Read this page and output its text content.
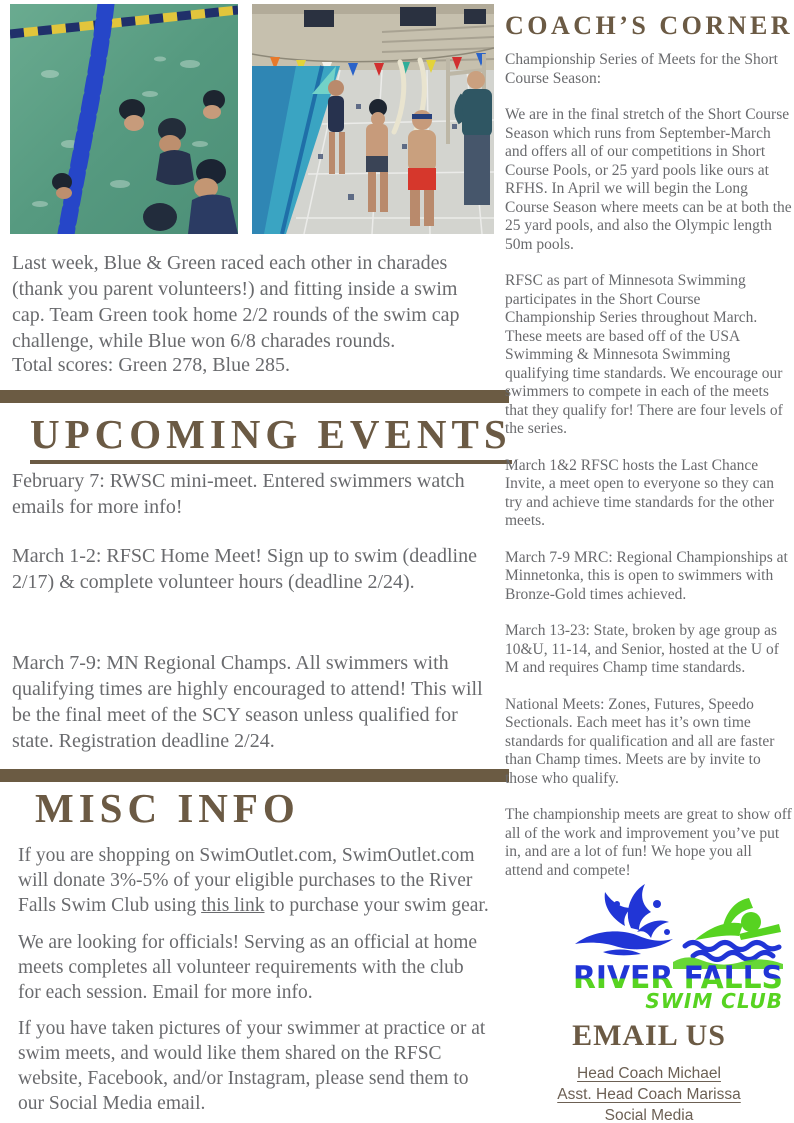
Last week, Blue & Green raced each other in charades (thank you parent volunteers!) and fitting inside a swim cap. Team Green took home 2/2 rounds of the swim cap challenge, while Blue won 6/8 charades rounds.

Total scores: Green 278, Blue 285.

UPCOMING EVENTS

February 7: RWSC mini-meet. Entered swimmers watch emails for more info!

March 1-2: RFSC Home Meet! Sign up to swim (deadline 2/17) & complete volunteer hours (deadline 2/24).

March 7-9: MN Regional Champs. All swimmers with qualifying times are highly encouraged to attend! This will be the final meet of the SCY season unless qualified for state. Registration deadline 2/24.

MISC INFO

If you are shopping on SwimOutlet.com, SwimOutlet.com will donate 3%-5% of your eligible purchases to the River Falls Swim Club using this link to purchase your swim gear.

We are looking for officials! Serving as an official at home meets completes all volunteer requirements with the club for each session. Email for more info.

If you have taken pictures of your swimmer at practice or at swim meets, and would like them shared on the RFSC website, Facebook, and/or Instagram, please send them to our Social Media email.

COACH’S CORNER

Championship Series of Meets for the Short Course Season:

We are in the final stretch of the Short Course Season which runs from September-March and offers all of our competitions in Short Course Pools, or 25 yard pools like ours at RFHS. In April we will begin the Long Course Season where meets can be at both the 25 yard pools, and also the Olympic length 50m pools.

RFSC as part of Minnesota Swimming participates in the Short Course Championship Series throughout March. These meets are based off of the USA Swimming & Minnesota Swimming qualifying time standards. We encourage our swimmers to compete in each of the meets that they qualify for! There are four levels of the series.

March 1&2 RFSC hosts the Last Chance Invite, a meet open to everyone so they can try and achieve time standards for the other meets.

March 7-9 MRC: Regional Championships at Minnetonka, this is open to swimmers with Bronze-Gold times achieved.

March 13-23: State, broken by age group as 10&U, 11-14, and Senior, hosted at the U of M and requires Champ time standards.

National Meets: Zones, Futures, Speedo Sectionals. Each meet has it’s own time standards for qualification and all are faster than Champ times. Meets are by invite to those who qualify.

The championship meets are great to show off all of the work and improvement you’ve put in, and are a lot of fun! We hope you all attend and compete!

RIVER FALLS
SWIM CLUB
EMAIL US
Head Coach Michael
Asst. Head Coach Marissa
Social Media
